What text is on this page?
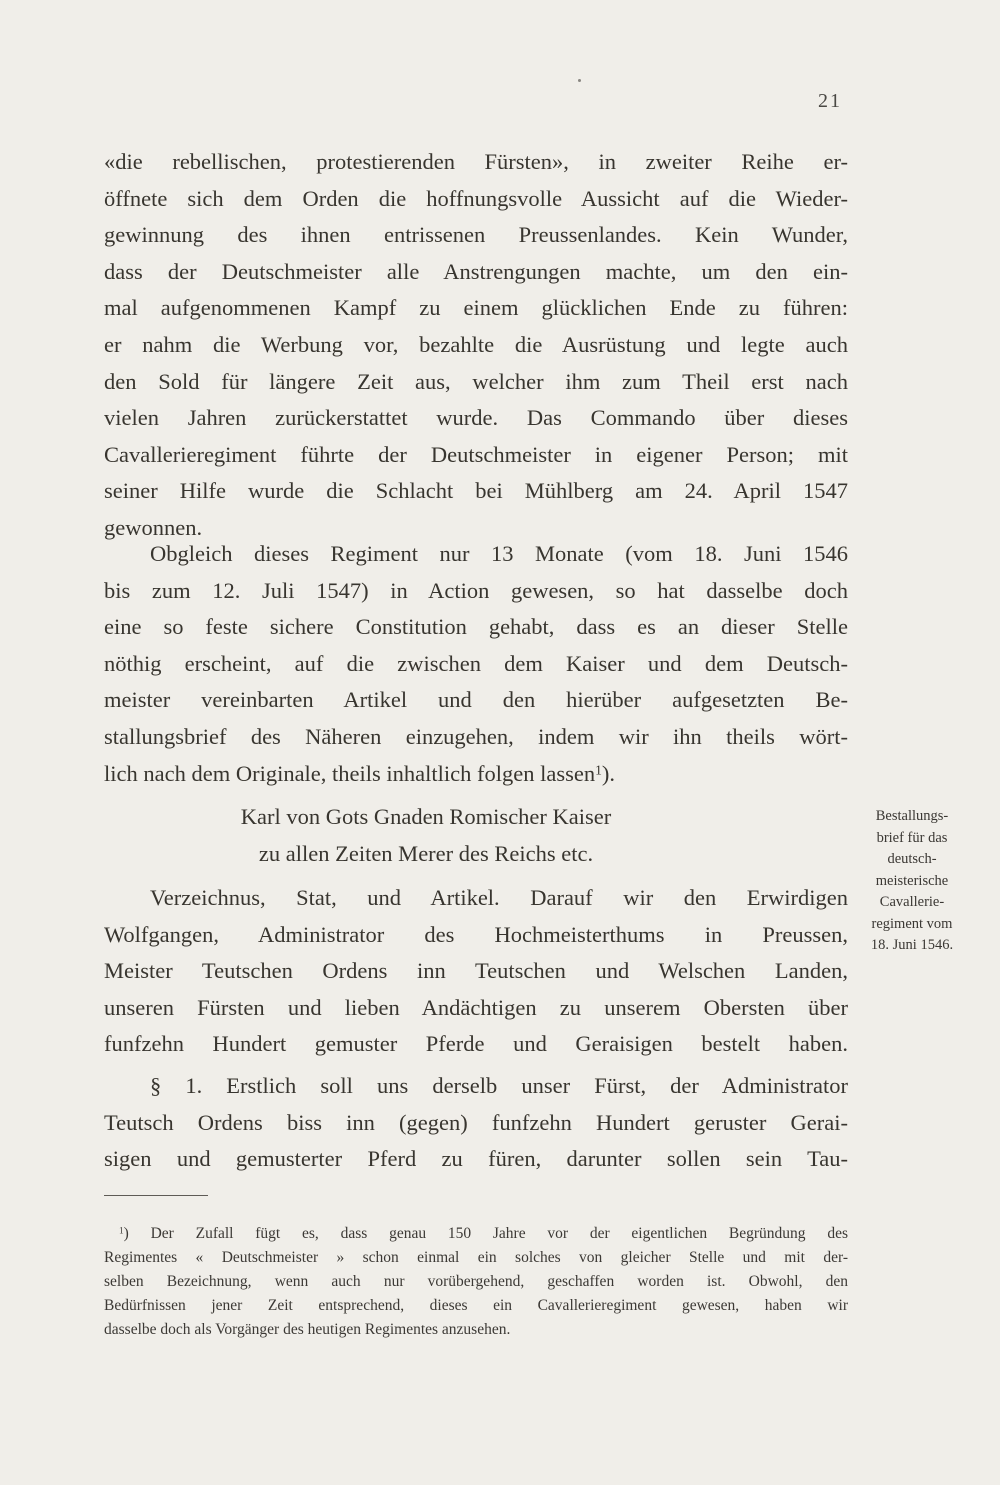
21
«die rebellischen, protestierenden Fürsten», in zweiter Reihe er-
öffnete sich dem Orden die hoffnungsvolle Aussicht auf die Wieder-
gewinnung des ihnen entrissenen Preussenlandes. Kein Wunder,
dass der Deutschmeister alle Anstrengungen machte, um den ein-
mal aufgenommenen Kampf zu einem glücklichen Ende zu führen:
er nahm die Werbung vor, bezahlte die Ausrüstung und legte auch
den Sold für längere Zeit aus, welcher ihm zum Theil erst nach
vielen Jahren zurückerstattet wurde. Das Commando über dieses
Cavallerieregiment führte der Deutschmeister in eigener Person; mit
seiner Hilfe wurde die Schlacht bei Mühlberg am 24. April 1547
gewonnen.
Obgleich dieses Regiment nur 13 Monate (vom 18. Juni 1546
bis zum 12. Juli 1547) in Action gewesen, so hat dasselbe doch
eine so feste sichere Constitution gehabt, dass es an dieser Stelle
nöthig erscheint, auf die zwischen dem Kaiser und dem Deutsch-
meister vereinbarten Artikel und den hierüber aufgesetzten Be-
stallungsbrief des Näheren einzugehen, indem wir ihn theils wört-
lich nach dem Originale, theils inhaltlich folgen lassen$^1$).
Karl von Gots Gnaden Romischer Kaiser
zu allen Zeiten Merer des Reichs etc.
Verzeichnus, Stat, und Artikel. Darauf wir den Erwirdigen
Wolfgangen, Administrator des Hochmeisterthums in Preussen,
Meister Teutschen Ordens inn Teutschen und Welschen Landen,
unseren Fürsten und lieben Andächtigen zu unserem Obersten über
funfzehn Hundert gemuster Pferde und Geraisigen bestelt haben.
§ 1. Erstlich soll uns derselb unser Fürst, der Administrator
Teutsch Ordens biss inn (gegen) funfzehn Hundert geruster Gerai-
sigen und gemusterter Pferd zu füren, darunter sollen sein Tau-
Bestallungs-
brief für das
deutsch-
meisterische
Cavallerie-
regiment vom
18. Juni 1546.
$^1$) Der Zufall fügt es, dass genau 150 Jahre vor der eigentlichen Begründung des
Regimentes « Deutschmeister » schon einmal ein solches von gleicher Stelle und mit der-
selben Bezeichnung, wenn auch nur vorübergehend, geschaffen worden ist. Obwohl, den
Bedürfnissen jener Zeit entsprechend, dieses ein Cavallerieregiment gewesen, haben wir
dasselbe doch als Vorgänger des heutigen Regimentes anzusehen.
